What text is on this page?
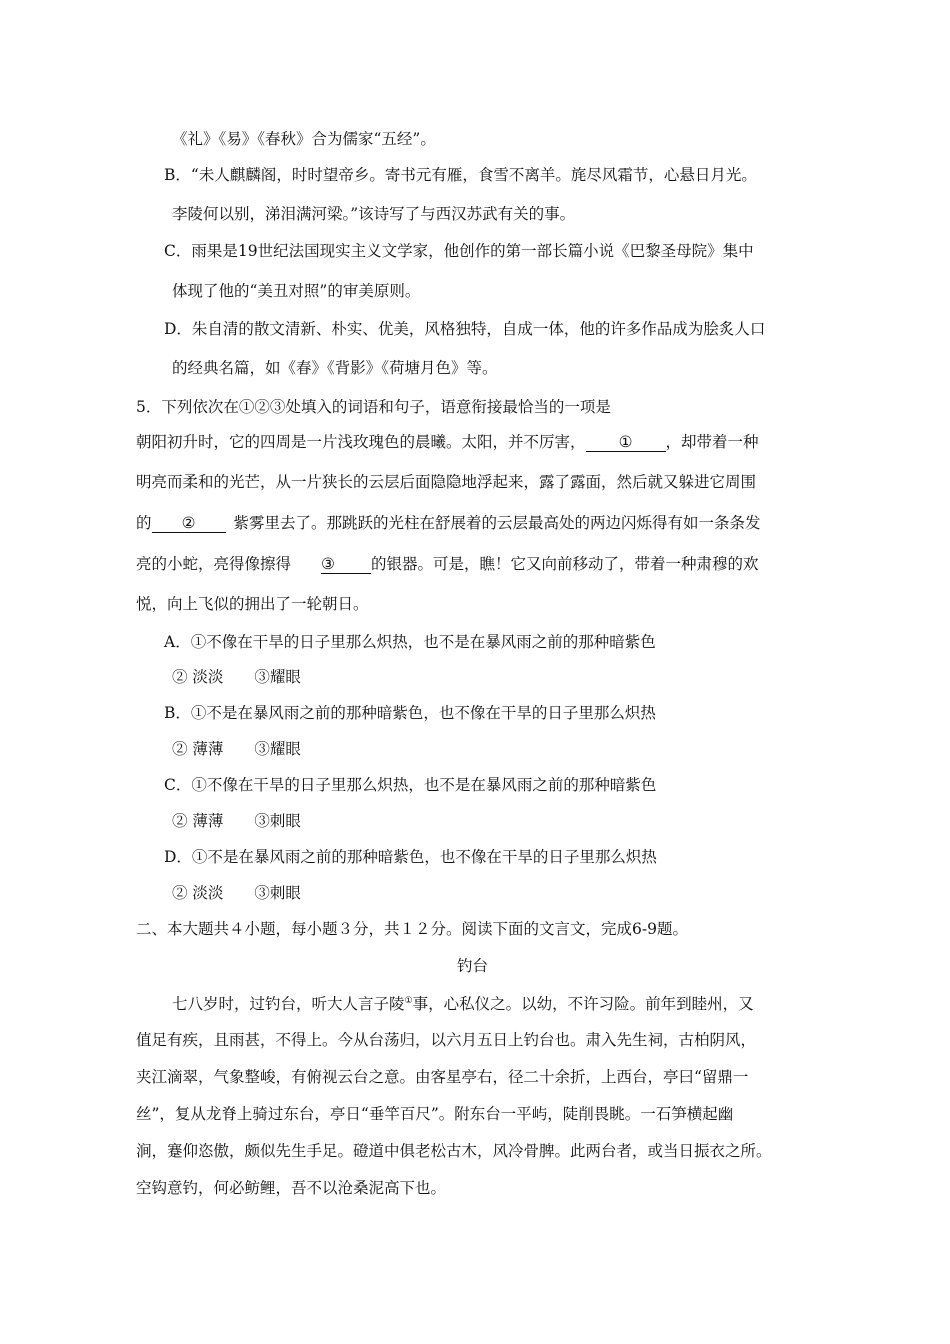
《礼》《易》《春秋》合为儒家“五经”。
B．“未人麒麟阁，时时望帝乡。寄书元有雁，食雪不离羊。旄尽风霜节，心悬日月光。
李陵何以别，涕泪满河梁。”该诗写了与西汉苏武有关的事。
C．雨果是19世纪法国现实主义文学家，他创作的第一部长篇小说《巴黎圣母院》集中
体现了他的“美丑对照”的审美原则。
D．朱自清的散文清新、朴实、优美，风格独特，自成一体，他的许多作品成为脍炙人口
的经典名篇，如《春》《背影》《荷塘月色》等。
5．下列依次在①②③处填入的词语和句子，语意衔接最恰当的一项是
朝阳初升时，它的四周是一片浅玫瑰色的晨曦。太阳，并不厉害， ① ，却带着一种
明亮而柔和的光芒，从一片狭长的云层后面隐隐地浮起来，露了露面，然后就又躲进它周围
的 ② 紫雾里去了。那跳跃的光柱在舒展着的云层最高处的两边闪烁得有如一条条发
亮的小蛇，亮得像擦得 ③ 的银器。可是，瞧！它又向前移动了，带着一种肃穆的欢
悦，向上飞似的拥出了一轮朝日。
A．①不像在干旱的日子里那么炽热，也不是在暴风雨之前的那种暗紫色
② 淡淡　　③耀眼
B．①不是在暴风雨之前的那种暗紫色，也不像在干旱的日子里那么炽热
② 薄薄　　③耀眼
C．①不像在干旱的日子里那么炽热，也不是在暴风雨之前的那种暗紫色
② 薄薄　　③刺眼
D．①不是在暴风雨之前的那种暗紫色，也不像在干旱的日子里那么炽热
② 淡淡　　③刺眼
二、本大题共４小题，每小题３分，共１２分。阅读下面的文言文，完成6-9题。
钓台
七八岁时，过钓台，听大人言子陵①事，心私仪之。以幼，不许习险。前年到睦州，又
值足有疾，且雨甚，不得上。今从台荡归，以六月五日上钓台也。肃入先生祠，古柏阴风，
夹江滴翠，气象整峻，有俯视云台之意。由客星亭右，径二十余折，上西台，亭曰“留鼎一
丝”，复从龙脊上骑过东台，亭日“垂竿百尺”。附东台一平屿，陡削畏眺。一石笋横起幽
涧，蹇仰恣傲，颇似先生手足。磴道中俱老松古木，风冷骨脾。此两台者，或当日振衣之所。
空钩意钓，何必鲂鲤，吾不以沧桑泥高下也。
